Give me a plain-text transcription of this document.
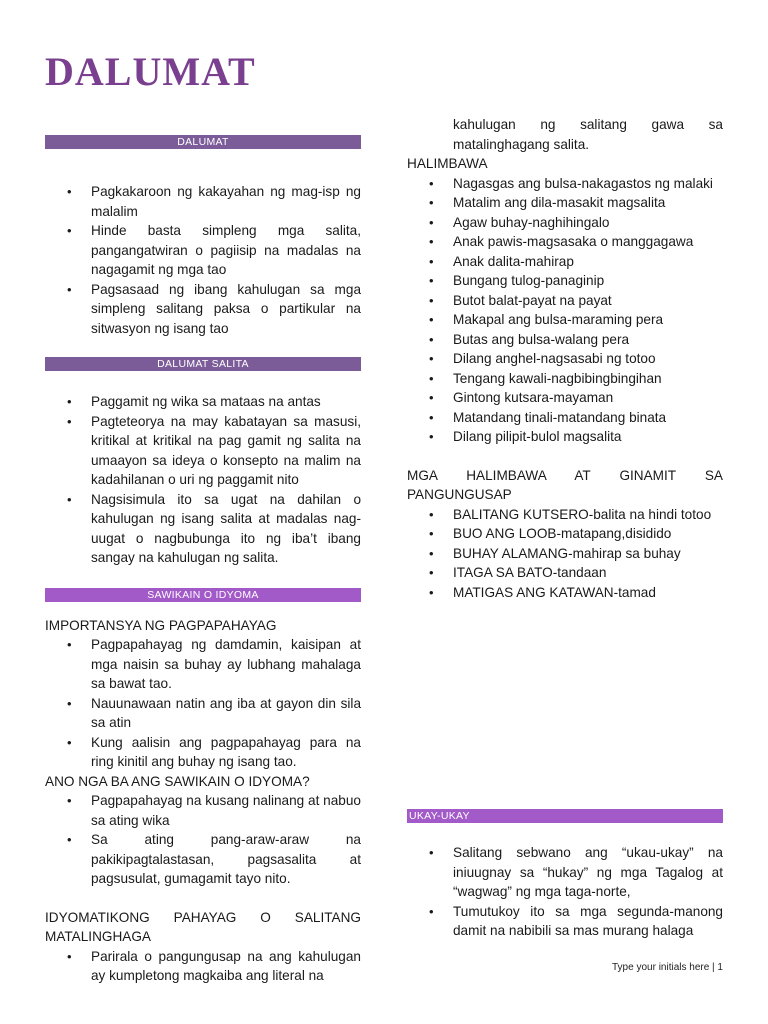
DALUMAT
DALUMAT
• Pagkakaroon ng kakayahan ng mag-isp ng malalim
• Hinde basta simpleng mga salita, pangangatwiran o pagiisip na madalas na nagagamit ng mga tao
• Pagsasaad ng ibang kahulugan sa mga simpleng salitang paksa o partikular na sitwasyon ng isang tao
DALUMAT SALITA
• Paggamit ng wika sa mataas na antas
• Pagteteorya na may kabatayan sa masusi, kritikal at kritikal na pag gamit ng salita na umaayon sa ideya o konsepto na malim na kadahilanan o uri ng paggamit nito
• Nagsisimula ito sa ugat na dahilan o kahulugan ng isang salita at madalas nag-uugat o nagbubunga ito ng iba’t ibang sangay na kahulugan ng salita.
SAWIKAIN O IDYOMA

IMPORTANSYA NG PAGPAPAHAYAG

• Pagpapahayag ng damdamin, kaisipan at mga naisin sa buhay ay lubhang mahalaga sa bawat tao.
• Nauunawaan natin ang iba at gayon din sila sa atin
• Kung aalisin ang pagpapahayag para na ring kinitil ang buhay ng isang tao.

ANO NGA BA ANG SAWIKAIN O IDYOMA?

• Pagpapahayag na kusang nalinang at nabuo sa ating wika
• Sa ating pang-araw-araw na pakikipagtalastasan, pagsasalita at pagsusulat, gumagamit tayo nito.

IDYOMATIKONG PAHAYAG O SALITANG MATALINGHAGA

• Parirala o pangungusap na ang kahulugan ay kumpletong magkaiba ang literal na

kahulugan ng salitang gawa sa matalinghagang salita.

HALIMBAWA

• Nagasgas ang bulsa-nakagastos ng malaki
• Matalim ang dila-masakit magsalita
• Agaw buhay-naghihingalo
• Anak pawis-magsasaka o manggagawa
• Anak dalita-mahirap
• Bungang tulog-panaginip
• Butot balat-payat na payat
• Makapal ang bulsa-maraming pera
• Butas ang bulsa-walang pera
• Dilang anghel-nagsasabi ng totoo
• Tengang kawali-nagbibingbingihan
• Gintong kutsara-mayaman
• Matandang tinali-matandang binata
• Dilang pilipit-bulol magsalita

MGA HALIMBAWA AT GINAMIT SA PANGUNGUSAP

• BALITANG KUTSERO-balita na hindi totoo
• BUO ANG LOOB-matapang,disidido
• BUHAY ALAMANG-mahirap sa buhay
• ITAGA SA BATO-tandaan
• MATIGAS ANG KATAWAN-tamad
UKAY-UKAY
• Salitang sebwano ang “ukau-ukay” na iniuugnay sa “hukay” ng mga Tagalog at “wagwag” ng mga taga-norte,
• Tumutukoy ito sa mga segunda-manong damit na nabibili sa mas murang halaga
Type your initials here | 1
